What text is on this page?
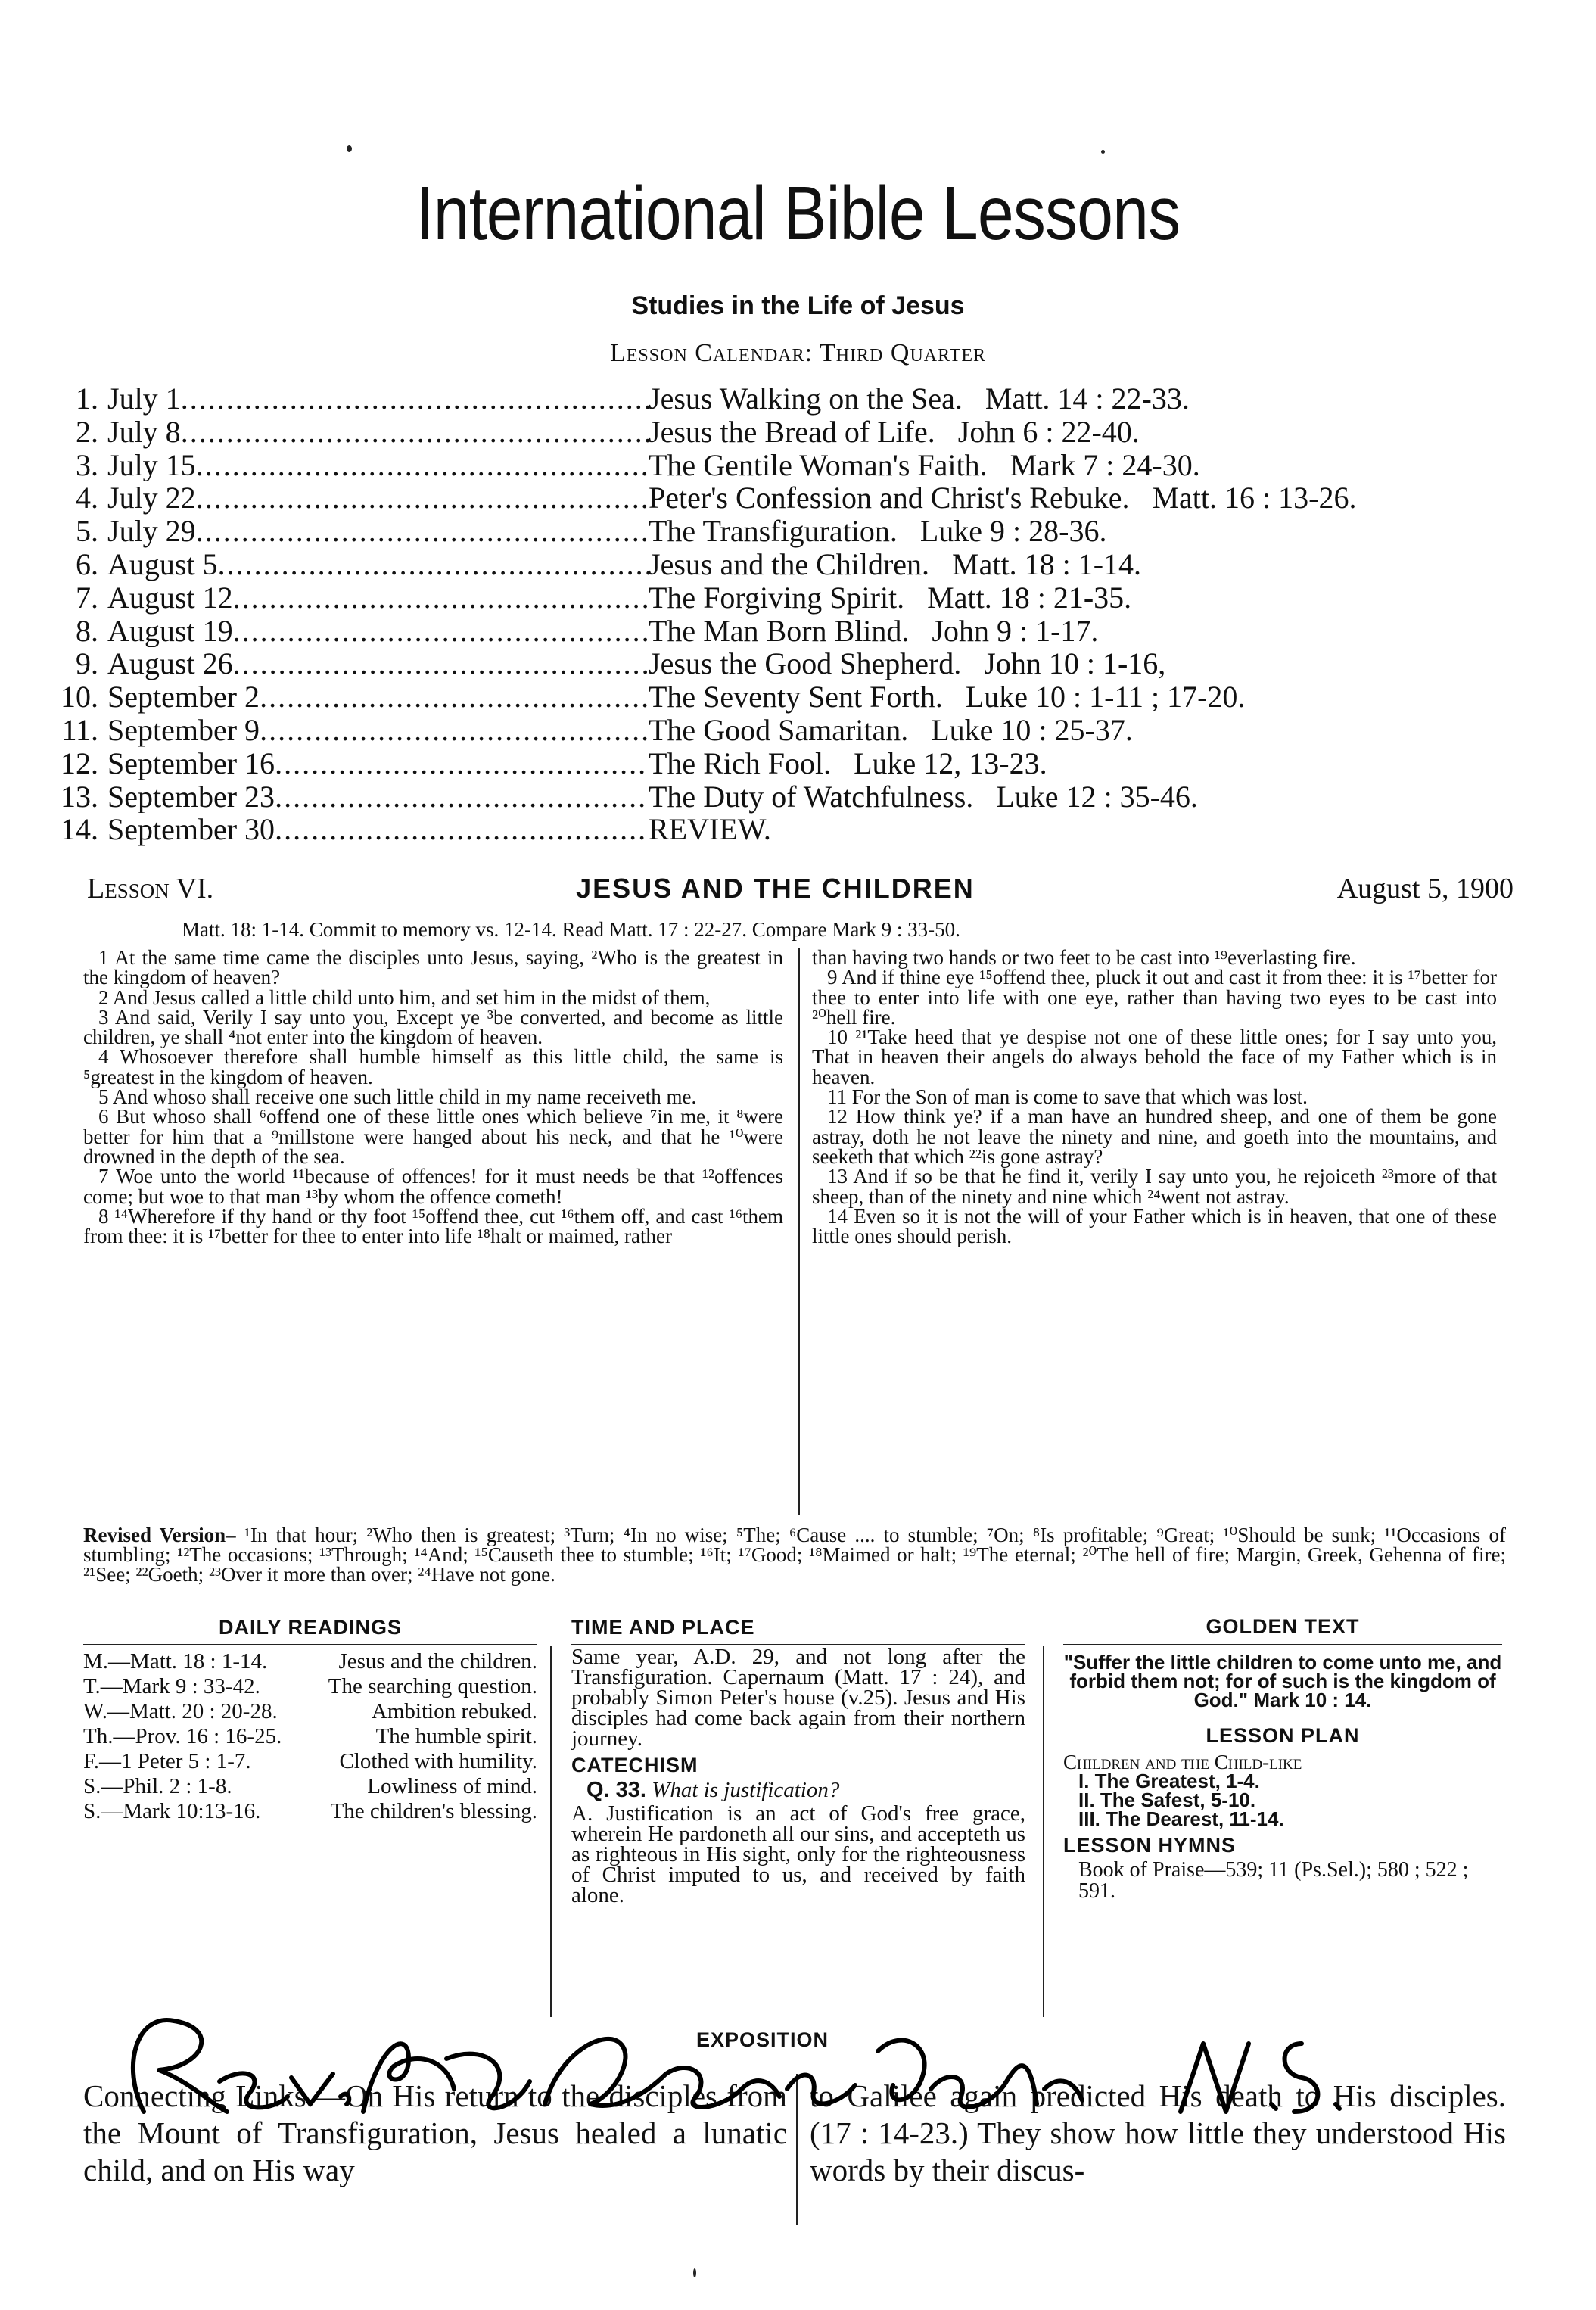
International Bible Lessons
Studies in the Life of Jesus
Lesson Calendar: Third Quarter
1. July 1 .....	Jesus Walking on the Sea.   Matt. 14 : 22-33.
2. July 8 .....	Jesus the Bread of Life.   John 6 : 22-40.
3. July 15 .....	The Gentile Woman's Faith.   Mark 7 : 24-30.
4. July 22 .....	Peter's Confession and Christ's Rebuke.   Matt. 16 : 13-26.
5. July 29 .....	The Transfiguration.   Luke 9 : 28-36.
6. August 5 .....	Jesus and the Children.   Matt. 18 : 1-14.
7. August 12 .....	The Forgiving Spirit.   Matt. 18 : 21-35.
8. August 19 .....	The Man Born Blind.   John 9 : 1-17.
9. August 26 .....	Jesus the Good Shepherd.   John 10 : 1-16,
10. September 2 .....	The Seventy Sent Forth.   Luke 10 : 1-11 ; 17-20.
11. September 9 .....	The Good Samaritan.   Luke 10 : 25-37.
12. September 16 .....	The Rich Fool.   Luke 12, 13-23.
13. September 23 .....	The Duty of Watchfulness.   Luke 12 : 35-46.
14. September 30 .....	REVIEW.
Lesson VI.	JESUS AND THE CHILDREN	August 5, 1900
Matt. 18: 1-14. Commit to memory vs. 12-14. Read Matt. 17 : 22-27. Compare Mark 9 : 33-50.

1 At the same time came the disciples unto Jesus, saying, ²Who is the greatest in the kingdom of heaven?

2 And Jesus called a little child unto him, and set him in the midst of them,

3 And said, Verily I say unto you, Except ye ³be converted, and become as little children, ye shall ⁴not enter into the kingdom of heaven.

4 Whosoever therefore shall humble himself as this little child, the same is ⁵greatest in the kingdom of heaven.

5 And whoso shall receive one such little child in my name receiveth me.

6 But whoso shall ⁶offend one of these little ones which believe ⁷in me, it ⁸were better for him that a ⁹millstone were hanged about his neck, and that he ¹⁰were drowned in the depth of the sea.

7 Woe unto the world ¹¹because of offences! for it must needs be that ¹²offences come; but woe to that man ¹³by whom the offence cometh!

8 ¹⁴Wherefore if thy hand or thy foot ¹⁵offend thee, cut ¹⁶them off, and cast ¹⁶them from thee: it is ¹⁷better for thee to enter into life ¹⁸halt or maimed, rather

than having two hands or two feet to be cast into ¹⁹everlasting fire.

9 And if thine eye ¹⁵offend thee, pluck it out and cast it from thee: it is ¹⁷better for thee to enter into life with one eye, rather than having two eyes to be cast into ²⁰hell fire.

10 ²¹Take heed that ye despise not one of these little ones; for I say unto you, That in heaven their angels do always behold the face of my Father which is in heaven.

11 For the Son of man is come to save that which was lost.

12 How think ye? if a man have an hundred sheep, and one of them be gone astray, doth he not leave the ninety and nine, and goeth into the mountains, and seeketh that which ²²is gone astray?

13 And if so be that he find it, verily I say unto you, he rejoiceth ²³more of that sheep, than of the ninety and nine which ²⁴went not astray.

14 Even so it is not the will of your Father which is in heaven, that one of these little ones should perish.

Revised Version– ¹In that hour; ²Who then is greatest; ³Turn; ⁴In no wise; ⁵The; ⁶Cause .... to stumble; ⁷On; ⁸Is profitable; ⁹Great; ¹⁰Should be sunk; ¹¹Occasions of stumbling; ¹²The occasions; ¹³Through; ¹⁴And; ¹⁵Causeth thee to stumble; ¹⁶It; ¹⁷Good; ¹⁸Maimed or halt; ¹⁹The eternal; ²⁰The hell of fire; Margin, Greek, Gehenna of fire; ²¹See; ²²Goeth; ²³Over it more than over; ²⁴Have not gone.
DAILY READINGS
M.—Matt. 18 : 1-14.	Jesus and the children.
T.—Mark 9 : 33-42.	The searching question.
W.—Matt. 20 : 20-28.	Ambition rebuked.
Th.—Prov. 16 : 16-25.	The humble spirit.
F.—1 Peter 5 : 1-7.	Clothed with humility.
S.—Phil. 2 : 1-8.	Lowliness of mind.
S.—Mark 10:13-16.	The children's blessing.
TIME AND PLACE
Same year, A.D. 29, and not long after the Transfiguration. Capernaum (Matt. 17 : 24), and probably Simon Peter's house (v.25). Jesus and His disciples had come back again from their northern journey.
CATECHISM
Q. 33. What is justification?
A. Justification is an act of God's free grace, wherein He pardoneth all our sins, and accepteth us as righteous in His sight, only for the righteousness of Christ imputed to us, and received by faith alone.
GOLDEN TEXT
"Suffer the little children to come unto me, and forbid them not; for of such is the kingdom of God." Mark 10 : 14.
LESSON PLAN
Children and the Child-like
I. The Greatest, 1-4.
II. The Safest, 5-10.
III. The Dearest, 11-14.
LESSON HYMNS
Book of Praise—539; 11 (Ps.Sel.); 580 ; 522 ; 591.
EXPOSITION
Connecting Links.—On His return to the disciples from the Mount of Transfiguration, Jesus healed a lunatic child, and on His way
to Galilee again predicted His death to His disciples. (17 : 14-23.) They show how little they understood His words by their discus-
